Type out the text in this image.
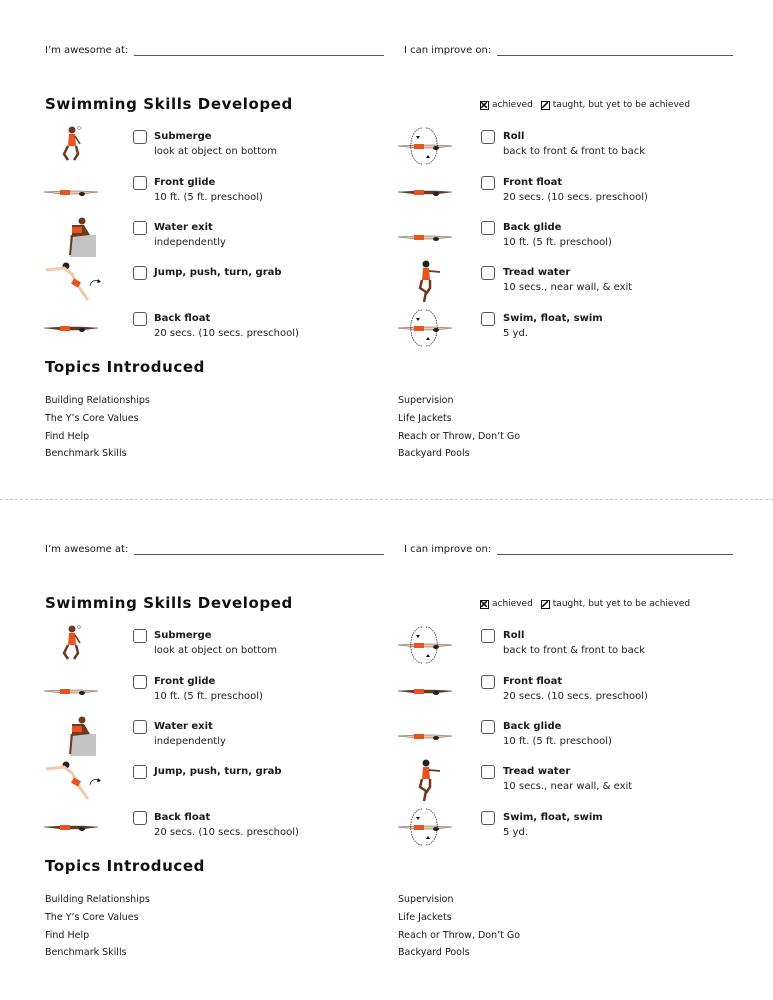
I’m awesome at:	I can improve on:
Swimming Skills Developed	achieved taught, but yet to be achieved
Submerge
look at object on bottom
Front glide
10 ft. (5 ft. preschool)
Water exit
independently
Jump, push, turn, grab
Back float
20 secs. (10 secs. preschool)
Roll
back to front & front to back
Front float
20 secs. (10 secs. preschool)
Back glide
10 ft. (5 ft. preschool)
Tread water
10 secs., near wall, & exit
Swim, float, swim
5 yd.
Topics Introduced
Building Relationships
The Y’s Core Values
Find Help
Benchmark Skills
Supervision
Life Jackets
Reach or Throw, Don’t Go
Backyard Pools
I’m awesome at:	I can improve on:
Swimming Skills Developed	achieved taught, but yet to be achieved
Submerge
look at object on bottom
Front glide
10 ft. (5 ft. preschool)
Water exit
independently
Jump, push, turn, grab
Back float
20 secs. (10 secs. preschool)
Roll
back to front & front to back
Front float
20 secs. (10 secs. preschool)
Back glide
10 ft. (5 ft. preschool)
Tread water
10 secs., near wall, & exit
Swim, float, swim
5 yd.
Topics Introduced
Building Relationships
The Y’s Core Values
Find Help
Benchmark Skills
Supervision
Life Jackets
Reach or Throw, Don’t Go
Backyard Pools
